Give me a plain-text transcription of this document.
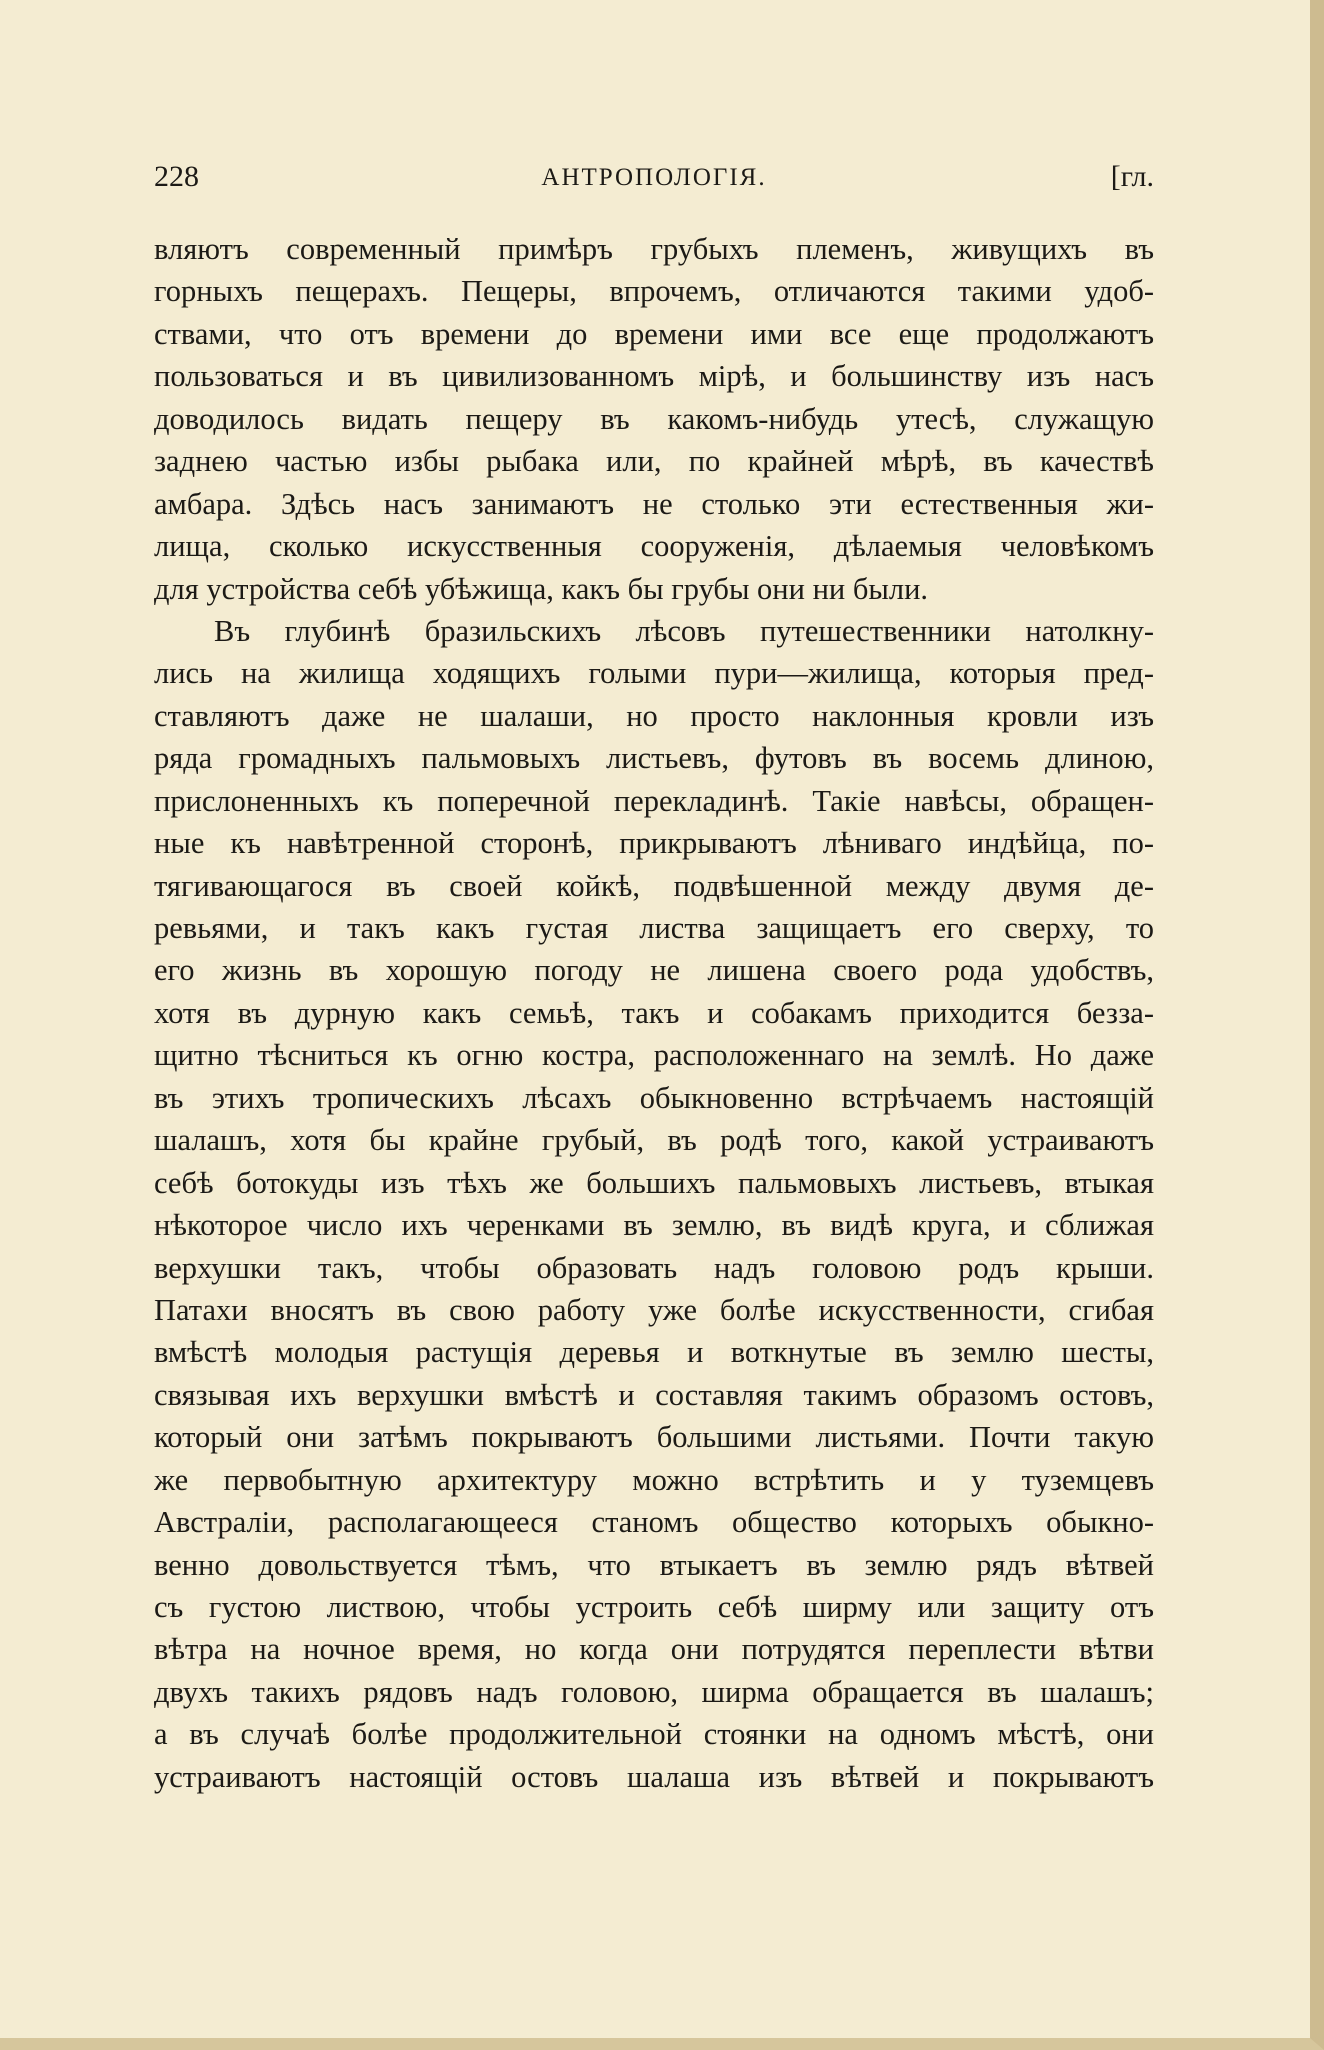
228	АНТРОПОЛОГІЯ.	[гл.
вляютъ современный примѣръ грубыхъ племенъ, живущихъ въ
горныхъ пещерахъ. Пещеры, впрочемъ, отличаются такими удоб-
ствами, что отъ времени до времени ими все еще продолжаютъ
пользоваться и въ цивилизованномъ мірѣ, и большинству изъ насъ
доводилось видать пещеру въ какомъ-нибудь утесѣ, служащую
заднею частью избы рыбака или, по крайней мѣрѣ, въ качествѣ
амбара. Здѣсь насъ занимаютъ не столько эти естественныя жи-
лища, сколько искусственныя сооруженія, дѣлаемыя человѣкомъ
для устройства себѣ убѣжища, какъ бы грубы они ни были.
Въ глубинѣ бразильскихъ лѣсовъ путешественники натолкну-
лись на жилища ходящихъ голыми пури—жилища, которыя пред-
ставляютъ даже не шалаши, но просто наклонныя кровли изъ
ряда громадныхъ пальмовыхъ листьевъ, футовъ въ восемь длиною,
прислоненныхъ къ поперечной перекладинѣ. Такіе навѣсы, обращен-
ные къ навѣтренной сторонѣ, прикрываютъ лѣниваго индѣйца, по-
тягивающагося въ своей койкѣ, подвѣшенной между двумя де-
ревьями, и такъ какъ густая листва защищаетъ его сверху, то
его жизнь въ хорошую погоду не лишена своего рода удобствъ,
хотя въ дурную какъ семьѣ, такъ и собакамъ приходится безза-
щитно тѣсниться къ огню костра, расположеннаго на землѣ. Но даже
въ этихъ тропическихъ лѣсахъ обыкновенно встрѣчаемъ настоящій
шалашъ, хотя бы крайне грубый, въ родѣ того, какой устраиваютъ
себѣ ботокуды изъ тѣхъ же большихъ пальмовыхъ листьевъ, втыкая
нѣкоторое число ихъ черенками въ землю, въ видѣ круга, и сближая
верхушки такъ, чтобы образовать надъ головою родъ крыши.
Патахи вносятъ въ свою работу уже болѣе искусственности, сгибая
вмѣстѣ молодыя растущія деревья и воткнутые въ землю шесты,
связывая ихъ верхушки вмѣстѣ и составляя такимъ образомъ остовъ,
который они затѣмъ покрываютъ большими листьями. Почти такую
же первобытную архитектуру можно встрѣтить и у туземцевъ
Австраліи, располагающееся станомъ общество которыхъ обыкно-
венно довольствуется тѣмъ, что втыкаетъ въ землю рядъ вѣтвей
съ густою листвою, чтобы устроить себѣ ширму или защиту отъ
вѣтра на ночное время, но когда они потрудятся переплести вѣтви
двухъ такихъ рядовъ надъ головою, ширма обращается въ шалашъ;
а въ случаѣ болѣе продолжительной стоянки на одномъ мѣстѣ, они
устраиваютъ настоящій остовъ шалаша изъ вѣтвей и покрываютъ
